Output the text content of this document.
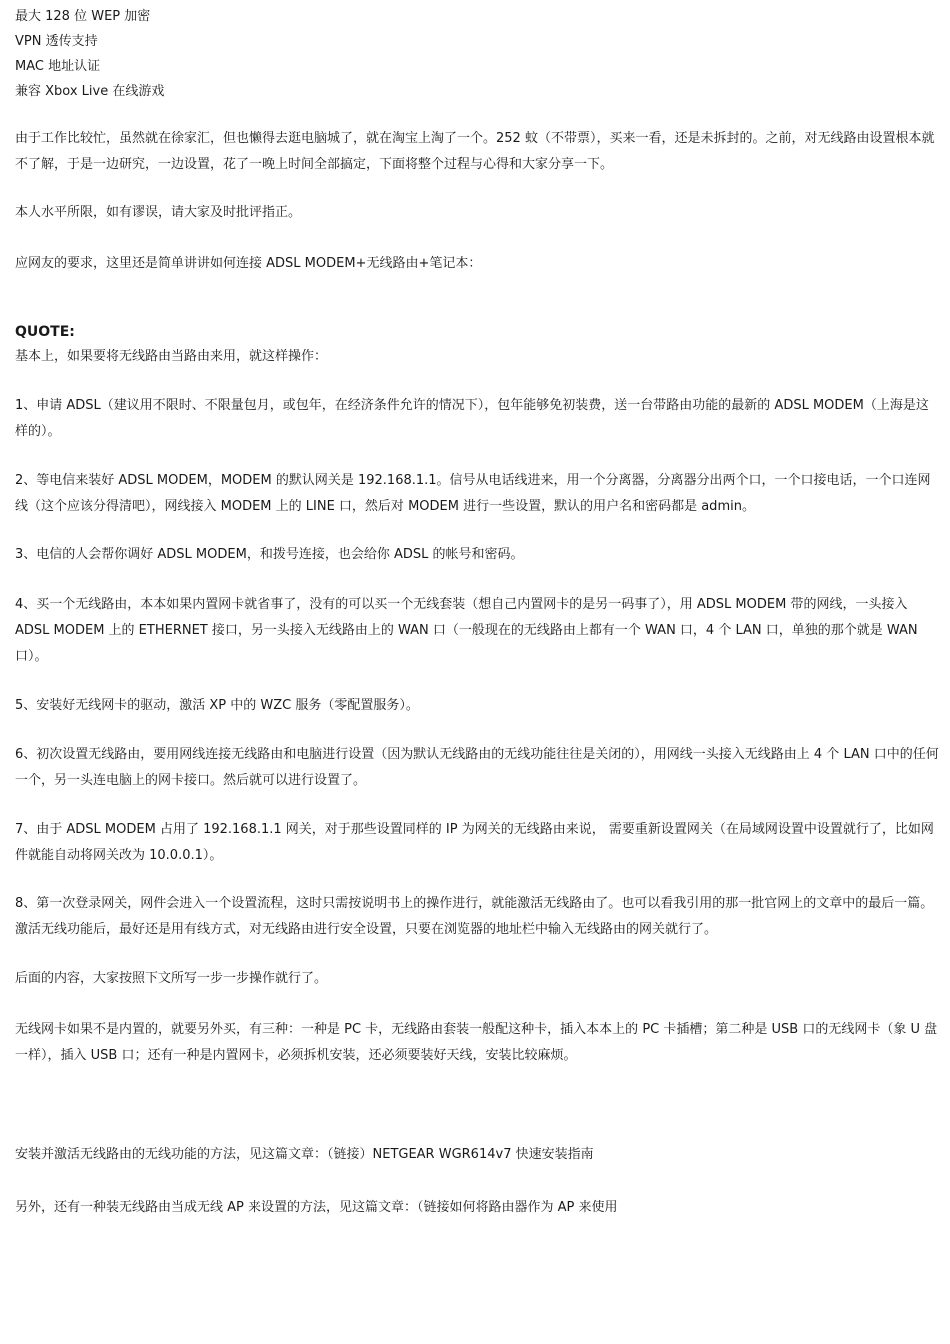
最大 128 位 WEP 加密
VPN 透传支持
MAC 地址认证
兼容 Xbox Live 在线游戏

由于工作比较忙，虽然就在徐家汇，但也懒得去逛电脑城了，就在淘宝上淘了一个。252 蚊（不带票），买来一看，还是未拆封的。之前，对无线路由设置根本就不了解，于是一边研究，一边设置，花了一晚上时间全部搞定，下面将整个过程与心得和大家分享一下。

本人水平所限，如有谬误，请大家及时批评指正。

应网友的要求，这里还是简单讲讲如何连接 ADSL MODEM+无线路由+笔记本：

QUOTE:

基本上，如果要将无线路由当路由来用，就这样操作：

1、申请 ADSL（建议用不限时、不限量包月，或包年，在经济条件允许的情况下），包年能够免初装费，送一台带路由功能的最新的 ADSL MODEM（上海是这样的）。

2、等电信来装好 ADSL MODEM，MODEM 的默认网关是 192.168.1.1。信号从电话线进来，用一个分离器，分离器分出两个口，一个口接电话，一个口连网线（这个应该分得清吧），网线接入 MODEM 上的 LINE 口，然后对 MODEM 进行一些设置，默认的用户名和密码都是 admin。

3、电信的人会帮你调好 ADSL MODEM，和拨号连接，也会给你 ADSL 的帐号和密码。

4、买一个无线路由，本本如果内置网卡就省事了，没有的可以买一个无线套装（想自己内置网卡的是另一码事了），用 ADSL MODEM 带的网线，一头接入 ADSL MODEM 上的 ETHERNET 接口，另一头接入无线路由上的 WAN 口（一般现在的无线路由上都有一个 WAN 口，4 个 LAN 口，单独的那个就是 WAN 口）。

5、安装好无线网卡的驱动，激活 XP 中的 WZC 服务（零配置服务）。

6、初次设置无线路由，要用网线连接无线路由和电脑进行设置（因为默认无线路由的无线功能往往是关闭的），用网线一头接入无线路由上 4 个 LAN 口中的任何一个，另一头连电脑上的网卡接口。然后就可以进行设置了。

7、由于 ADSL MODEM 占用了 192.168.1.1 网关，对于那些设置同样的 IP 为网关的无线路由来说， 需要重新设置网关（在局域网设置中设置就行了，比如网件就能自动将网关改为 10.0.0.1）。

8、第一次登录网关，网件会进入一个设置流程，这时只需按说明书上的操作进行，就能激活无线路由了。也可以看我引用的那一批官网上的文章中的最后一篇。激活无线功能后，最好还是用有线方式，对无线路由进行安全设置，只要在浏览器的地址栏中输入无线路由的网关就行了。

后面的内容，大家按照下文所写一步一步操作就行了。

无线网卡如果不是内置的，就要另外买，有三种：一种是 PC 卡，无线路由套装一般配这种卡，插入本本上的 PC 卡插槽；第二种是 USB 口的无线网卡（象 U 盘一样），插入 USB 口；还有一种是内置网卡，必须拆机安装，还必须要装好天线，安装比较麻烦。

安装并激活无线路由的无线功能的方法，见这篇文章：（链接）NETGEAR WGR614v7 快速安装指南

另外，还有一种装无线路由当成无线 AP 来设置的方法，见这篇文章：（链接如何将路由器作为 AP 来使用
